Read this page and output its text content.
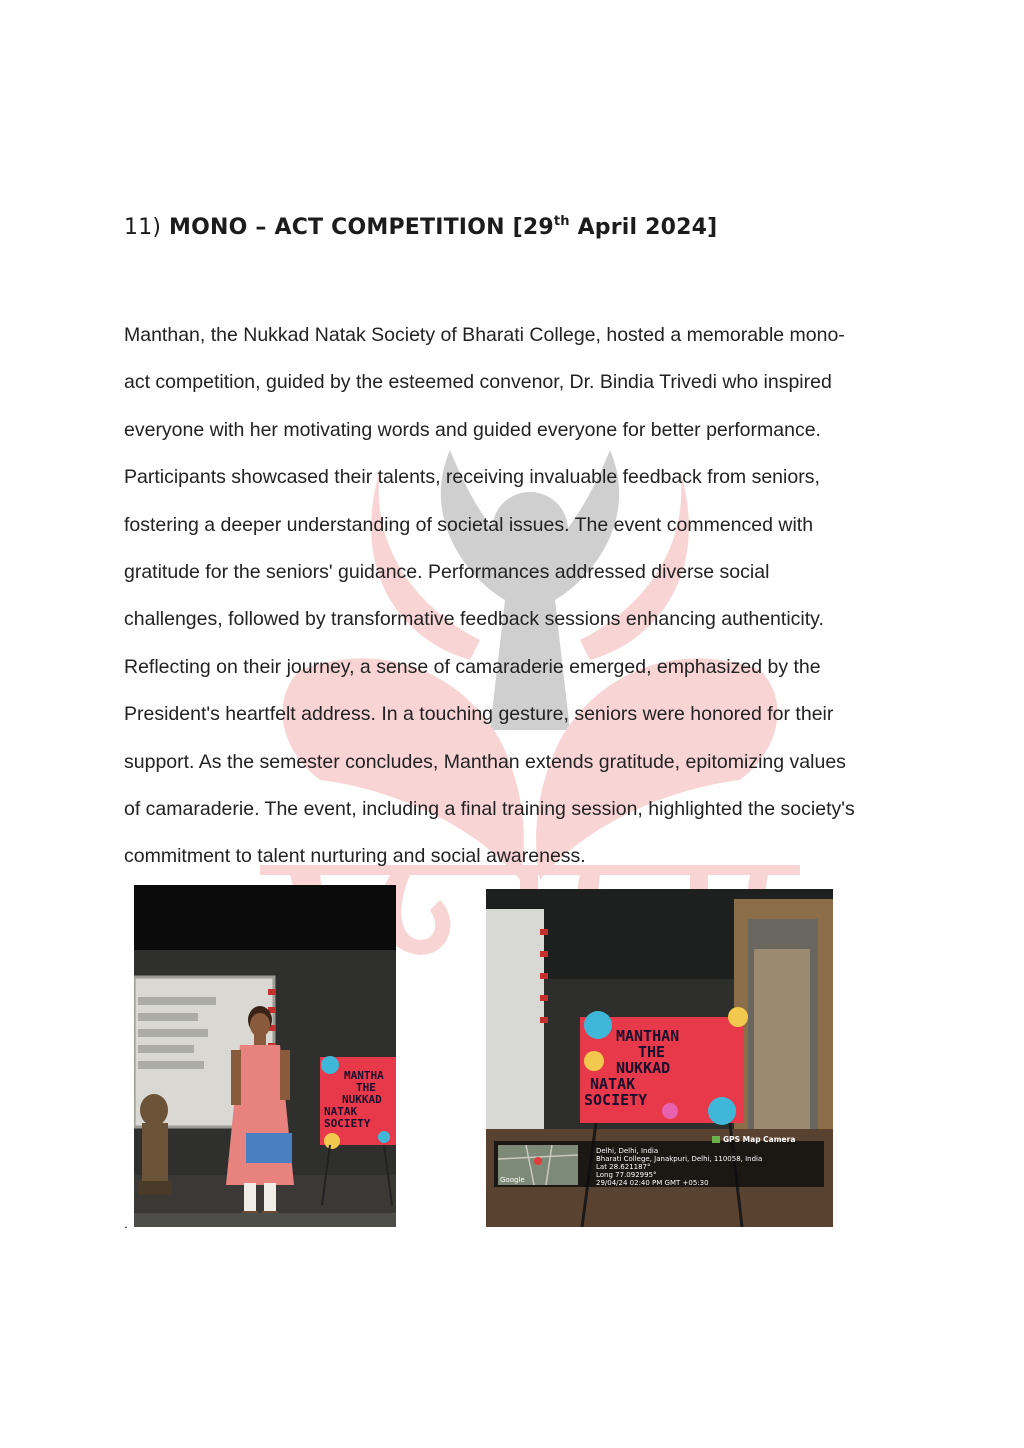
11) MONO – ACT COMPETITION [29th April 2024]

Manthan, the Nukkad Natak Society of Bharati College, hosted a memorable mono-
act competition, guided by the esteemed convenor, Dr. Bindia Trivedi who inspired
everyone with her motivating words and guided everyone for better performance.
Participants showcased their talents, receiving invaluable feedback from seniors,
fostering a deeper understanding of societal issues. The event commenced with
gratitude for the seniors' guidance. Performances addressed diverse social
challenges, followed by transformative feedback sessions enhancing authenticity.
Reflecting on their journey, a sense of camaraderie emerged, emphasized by the
President's heartfelt address. In a touching gesture, seniors were honored for their
support. As the semester concludes, Manthan extends gratitude, epitomizing values
of camaraderie. The event, including a final training session, highlighted the society's
commitment to talent nurturing and social awareness.

MANTHA
THE
NUKKAD
NATAK
SOCIETY
MANTHAN
THE
NUKKAD
NATAK
SOCIETY
Google
GPS Map Camera
Delhi, Delhi, India
Bharati College, Janakpuri, Delhi, 110058, India
Lat 28.621187°
Long 77.092995°
29/04/24 02:40 PM GMT +05:30
.
